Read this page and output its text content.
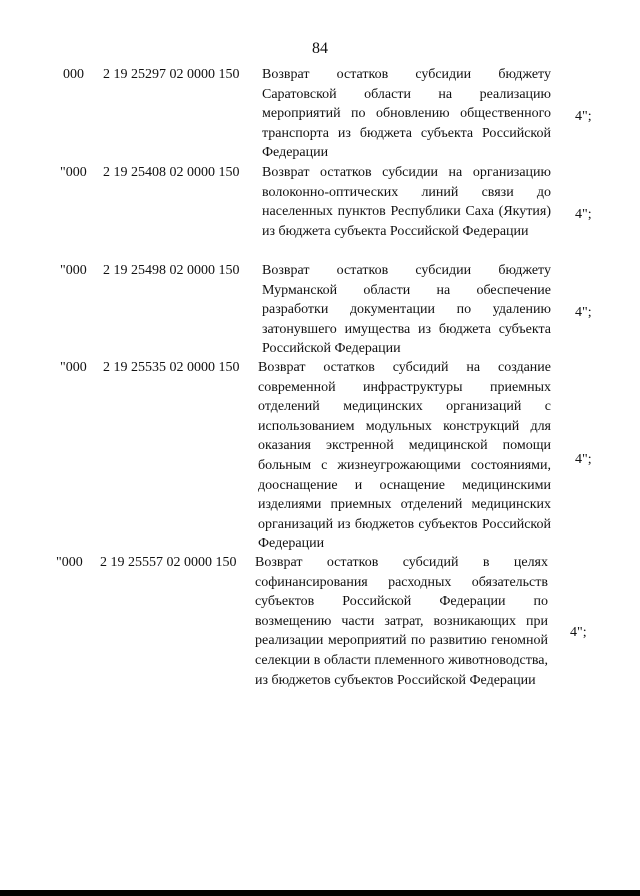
84
000 2 19 25297 02 0000 150 Возврат остатков субсидии бюджету Саратовской области на реализацию мероприятий по обновлению общественного транспорта из бюджета субъекта Российской Федерации
4";
"000 2 19 25408 02 0000 150 Возврат остатков субсидии на организацию волоконно-оптических линий связи до населенных пунктов Республики Саха (Якутия) из бюджета субъекта Российской Федерации
4";
"000 2 19 25498 02 0000 150 Возврат остатков субсидии бюджету Мурманской области на обеспечение разработки документации по удалению затонувшего имущества из бюджета субъекта Российской Федерации
4";
"000 2 19 25535 02 0000 150 Возврат остатков субсидий на создание современной инфраструктуры приемных отделений медицинских организаций с использованием модульных конструкций для оказания экстренной медицинской помощи больным с жизнеугрожающими состояниями, дооснащение и оснащение медицинскими изделиями приемных отделений медицинских организаций из бюджетов субъектов Российской Федерации
4";
"000 2 19 25557 02 0000 150 Возврат остатков субсидий в целях софинансирования расходных обязательств субъектов Российской Федерации по возмещению части затрат, возникающих при реализации мероприятий по развитию геномной селекции в области племенного животноводства, из бюджетов субъектов Российской Федерации
4";
